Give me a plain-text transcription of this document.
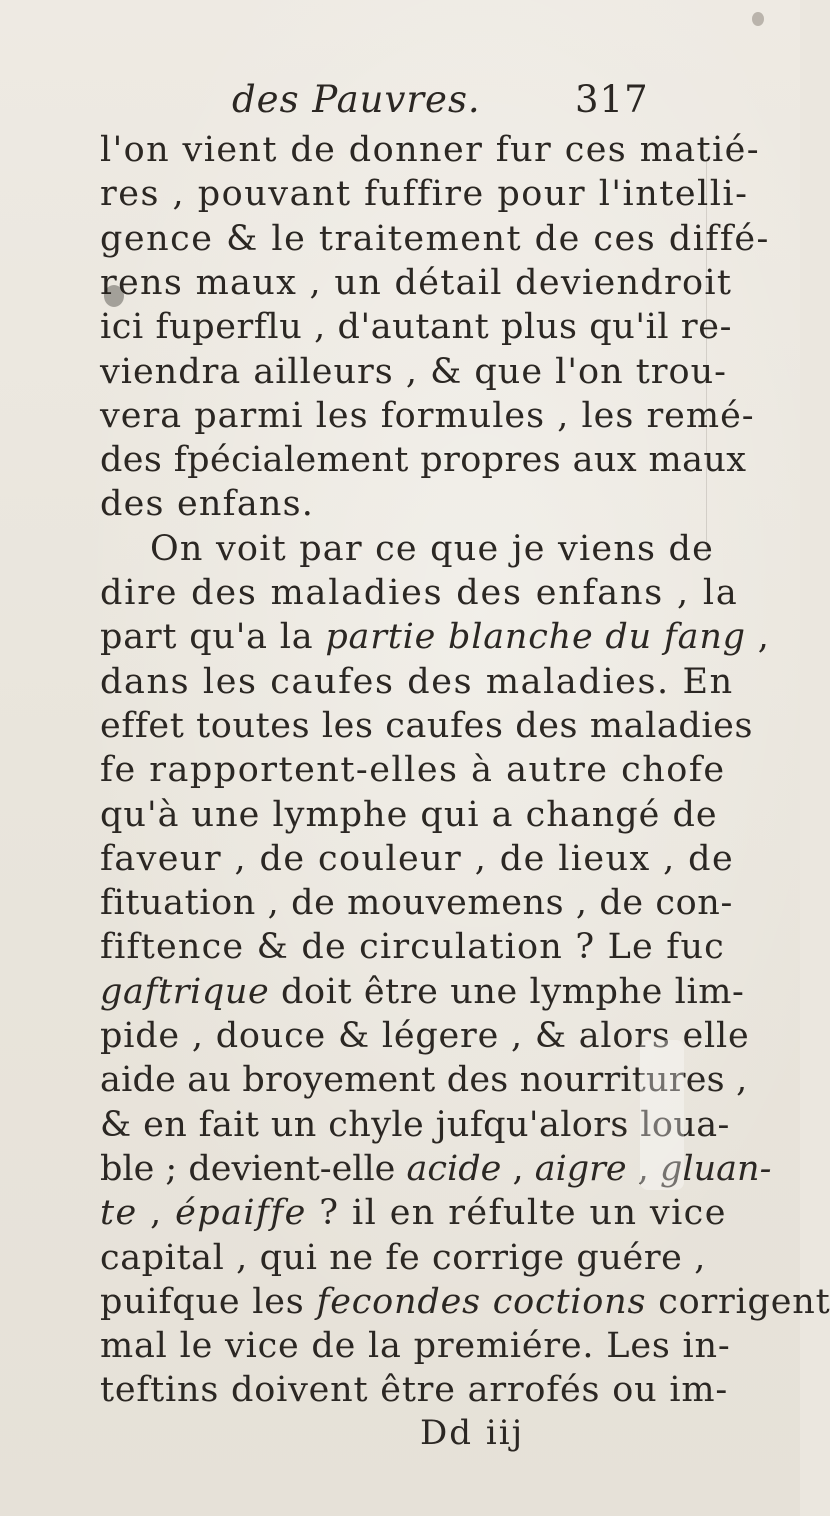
des Pauvres.	317
l'on vient de donner fur ces matié-
res , pouvant fuffire pour l'intelli-
gence & le traitement de ces diffé-
rens maux , un détail deviendroit
ici fuperflu , d'autant plus qu'il re-
viendra ailleurs , & que l'on trou-
vera parmi les formules , les remé-
des fpécialement propres aux maux
des enfans.
On voit par ce que je viens de
dire des maladies des enfans , la
part qu'a la partie blanche du fang ,
dans les caufes des maladies. En
effet toutes les caufes des maladies
fe rapportent-elles à autre chofe
qu'à une lymphe qui a changé de
faveur , de couleur , de lieux , de
fituation , de mouvemens , de con-
fiftence & de circulation ? Le fuc
gaftrique doit être une lymphe lim-
pide , douce & légere , & alors elle
aide au broyement des nourritures ,
& en fait un chyle jufqu'alors loua-
ble ; devient-elle acide , aigre , gluan-
te , épaiffe ? il en réfulte un vice
capital , qui ne fe corrige guére ,
puifque les fecondes coctions corrigent
mal le vice de la premiére. Les in-
teftins doivent être arrofés ou im-
Dd iij
